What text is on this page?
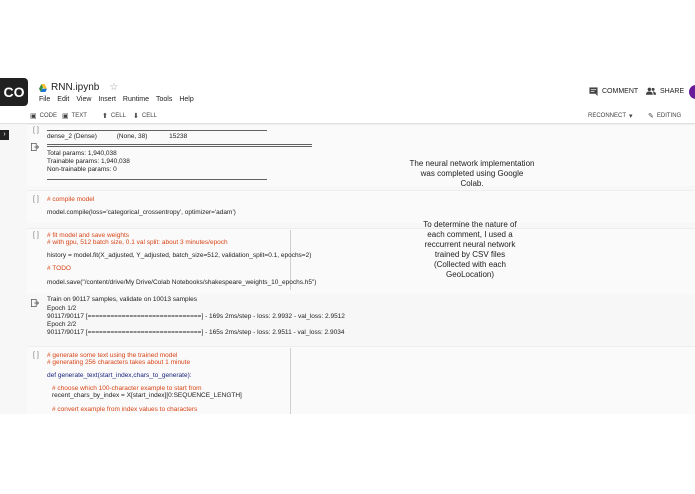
CO	RNN.ipynb ☆
File Edit View Insert Runtime Tools Help
COMMENT	SHARE
▣ CODE ▣ TEXT ⬆ CELL ⬇ CELL	RECONNECT ▾ ✎ EDITING
›
[ ]
dense_2 (Dense)           (None, 38)            15238
Total params: 1,940,038
Trainable params: 1,940,038
Non-trainable params: 0
[ ] # compile model
model.compile(loss='categorical_crossentropy', optimizer='adam')
[ ] # fit model and save weights
# with gpu, 512 batch size, 0.1 val split: about 3 minutes/epoch
history = model.fit(X_adjusted, Y_adjusted, batch_size=512, validation_split=0.1, epochs=2)
# TODO
model.save("/content/drive/My Drive/Colab Notebooks/shakespeare_weights_10_epochs.h5")
Train on 90117 samples, validate on 10013 samples
Epoch 1/2
90117/90117 [==============================] - 169s 2ms/step - loss: 2.9932 - val_loss: 2.9512
Epoch 2/2
90117/90117 [==============================] - 165s 2ms/step - loss: 2.9511 - val_loss: 2.9034
[ ] # generate some text using the trained model
# generating 256 characters takes about 1 minute
def generate_text(start_index,chars_to_generate):
# choose which 100-character example to start from
recent_chars_by_index = X[start_index][0:SEQUENCE_LENGTH]
# convert example from index values to characters
The neural network implementation
was completed using Google
Colab.
To determine the nature of
each comment, I used a
reccurrent neural network
trained by CSV files
(Collected with each
GeoLocation)
